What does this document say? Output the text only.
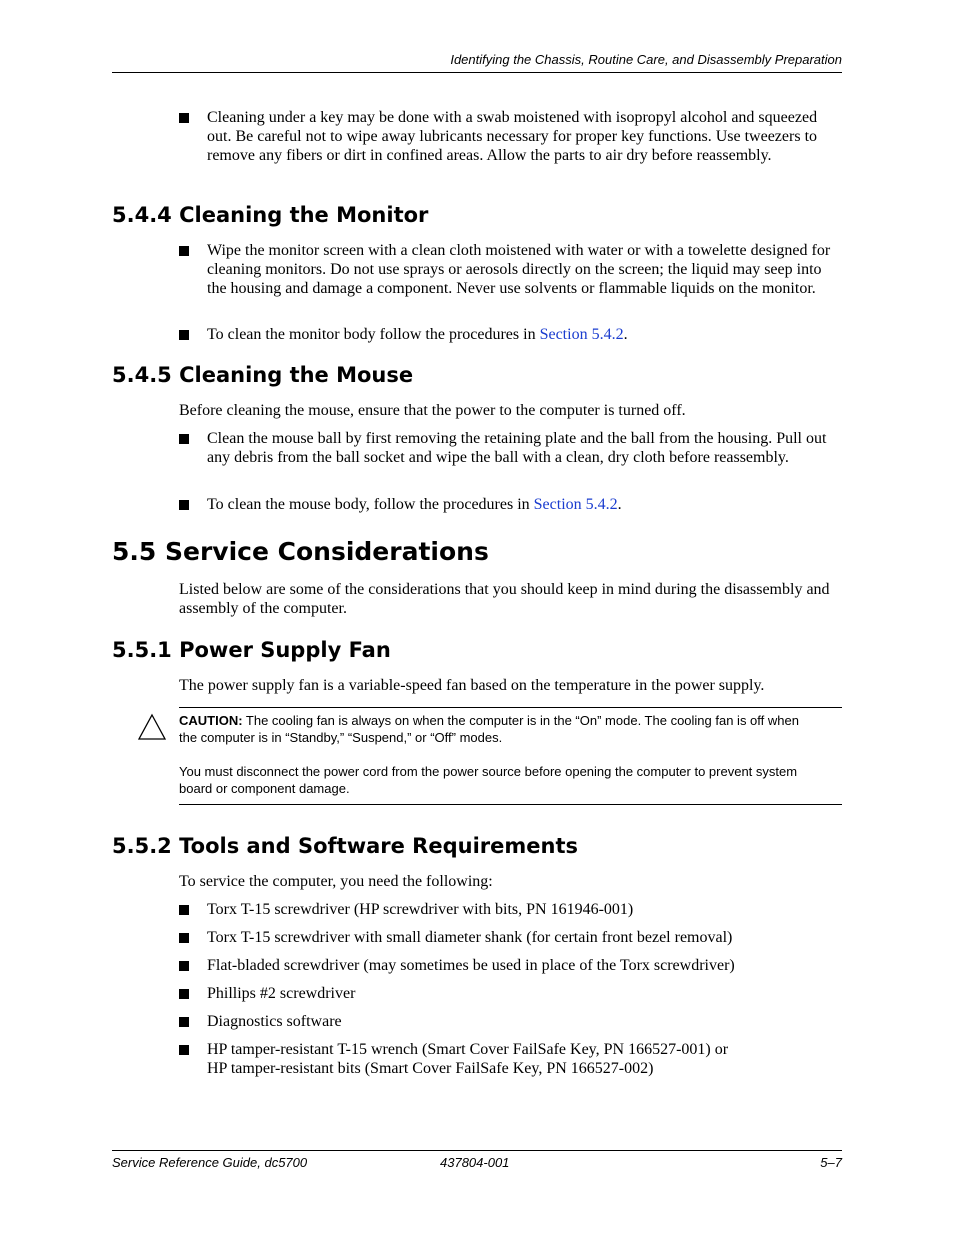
Identifying the Chassis, Routine Care, and Disassembly Preparation
Cleaning under a key may be done with a swab moistened with isopropyl alcohol and squeezed out. Be careful not to wipe away lubricants necessary for proper key functions. Use tweezers to remove any fibers or dirt in confined areas. Allow the parts to air dry before reassembly.
5.4.4 Cleaning the Monitor
Wipe the monitor screen with a clean cloth moistened with water or with a towelette designed for cleaning monitors. Do not use sprays or aerosols directly on the screen; the liquid may seep into the housing and damage a component. Never use solvents or flammable liquids on the monitor.
To clean the monitor body follow the procedures in Section 5.4.2.
5.4.5 Cleaning the Mouse
Before cleaning the mouse, ensure that the power to the computer is turned off.
Clean the mouse ball by first removing the retaining plate and the ball from the housing. Pull out any debris from the ball socket and wipe the ball with a clean, dry cloth before reassembly.
To clean the mouse body, follow the procedures in Section 5.4.2.
5.5 Service Considerations
Listed below are some of the considerations that you should keep in mind during the disassembly and assembly of the computer.
5.5.1 Power Supply Fan
The power supply fan is a variable-speed fan based on the temperature in the power supply.
CAUTION: The cooling fan is always on when the computer is in the “On” mode. The cooling fan is off when the computer is in “Standby,” “Suspend,” or “Off” modes.
You must disconnect the power cord from the power source before opening the computer to prevent system board or component damage.
5.5.2 Tools and Software Requirements
To service the computer, you need the following:
Torx T-15 screwdriver (HP screwdriver with bits, PN 161946-001)
Torx T-15 screwdriver with small diameter shank (for certain front bezel removal)
Flat-bladed screwdriver (may sometimes be used in place of the Torx screwdriver)
Phillips #2 screwdriver
Diagnostics software
HP tamper-resistant T-15 wrench (Smart Cover FailSafe Key, PN 166527-001) or
HP tamper-resistant bits (Smart Cover FailSafe Key, PN 166527-002)
Service Reference Guide, dc5700	437804-001	5–7
